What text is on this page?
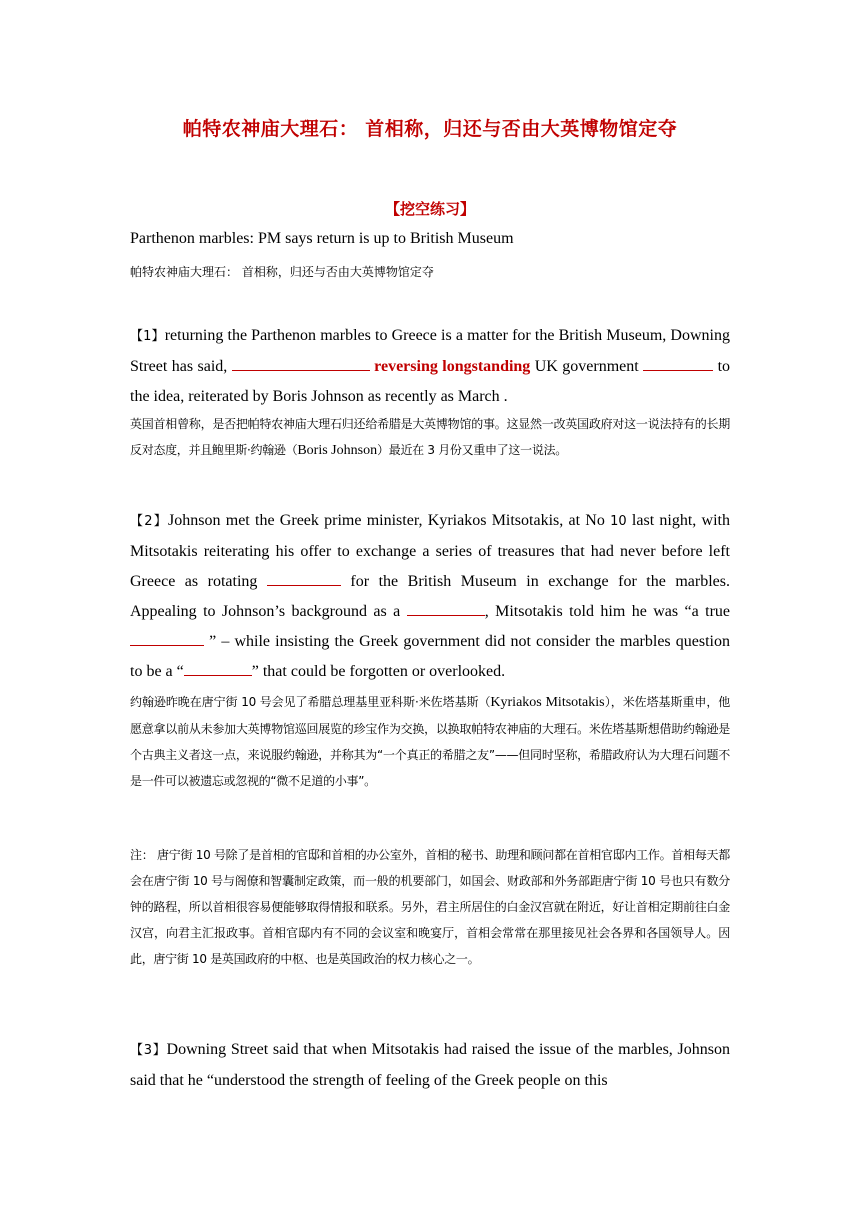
帕特农神庙大理石： 首相称，归还与否由大英博物馆定夺
【挖空练习】
Parthenon marbles: PM says return is up to British Museum
帕特农神庙大理石： 首相称，归还与否由大英博物馆定夺
【1】returning the Parthenon marbles to Greece is a matter for the British Museum, Downing Street has said,	reversing longstanding UK government	to the idea, reiterated by Boris Johnson as recently as March .
英国首相曾称，是否把帕特农神庙大理石归还给希腊是大英博物馆的事。这显然一改英国政府对这一说法持有的长期反对态度，并且鲍里斯·约翰逊（Boris Johnson）最近在 3 月份又重申了这一说法。
【2】Johnson met the Greek prime minister, Kyriakos Mitsotakis, at No 10 last night, with Mitsotakis reiterating his offer to exchange a series of treasures that had never before left Greece as rotating	for the British Museum in exchange for the marbles. Appealing to Johnson’s background as a	, Mitsotakis told him he was “a true  ” – while insisting the Greek government did not consider the marbles question to be a “	” that could be forgotten or overlooked.
约翰逊昨晚在唐宁街 10 号会见了希腊总理基里亚科斯·米佐塔基斯（Kyriakos Mitsotakis），米佐塔基斯重申，他愿意拿以前从未参加大英博物馆巡回展览的珍宝作为交换，以换取帕特农神庙的大理石。米佐塔基斯想借助约翰逊是个古典主义者这一点，来说服约翰逊，并称其为“一个真正的希腊之友”——但同时坚称，希腊政府认为大理石问题不是一件可以被遗忘或忽视的“微不足道的小事”。
注： 唐宁街 10 号除了是首相的官邸和首相的办公室外，首相的秘书、助理和顾问都在首相官邸内工作。首相每天都会在唐宁街 10 号与阁僚和智囊制定政策，而一般的机要部门，如国会、财政部和外务部距唐宁街 10 号也只有数分钟的路程，所以首相很容易便能够取得情报和联系。另外，君主所居住的白金汉宫就在附近，好让首相定期前往白金汉宫，向君主汇报政事。首相官邸内有不同的会议室和晚宴厅，首相会常常在那里接见社会各界和各国领导人。因此，唐宁街 10 是英国政府的中枢、也是英国政治的权力核心之一。
【3】Downing Street said that when Mitsotakis had raised the issue of the marbles, Johnson said that he “understood the strength of feeling of the Greek people on this
